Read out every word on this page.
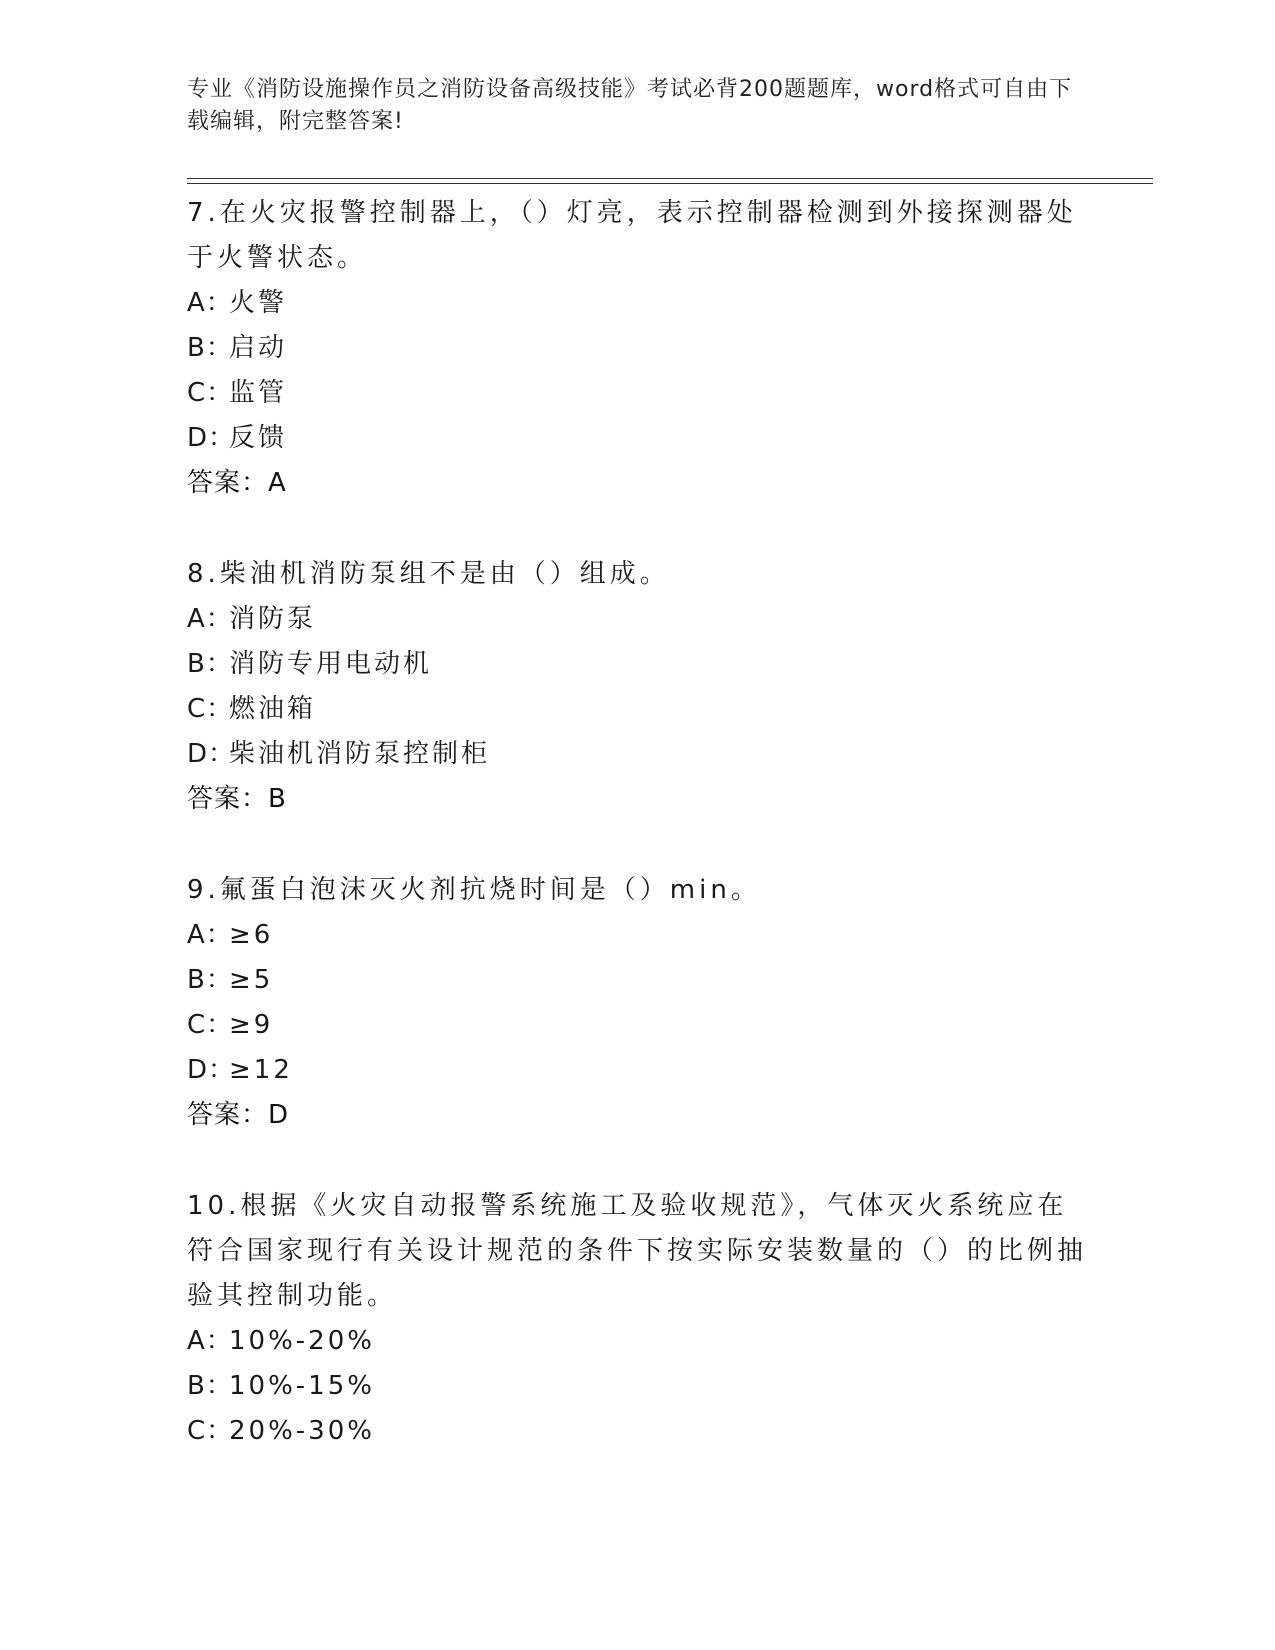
专业《消防设施操作员之消防设备高级技能》考试必背200题题库，word格式可自由下载编辑，附完整答案!
7.在火灾报警控制器上，（）灯亮，表示控制器检测到外接探测器处于火警状态。
A：火警
B：启动
C：监管
D：反馈
答案：A
8.柴油机消防泵组不是由（）组成。
A：消防泵
B：消防专用电动机
C：燃油箱
D：柴油机消防泵控制柜
答案：B
9.氟蛋白泡沫灭火剂抗烧时间是（）min。
A：≥6
B：≥5
C：≥9
D：≥12
答案：D
10.根据《火灾自动报警系统施工及验收规范》，气体灭火系统应在符合国家现行有关设计规范的条件下按实际安装数量的（）的比例抽验其控制功能。
A：10%-20%
B：10%-15%
C：20%-30%
